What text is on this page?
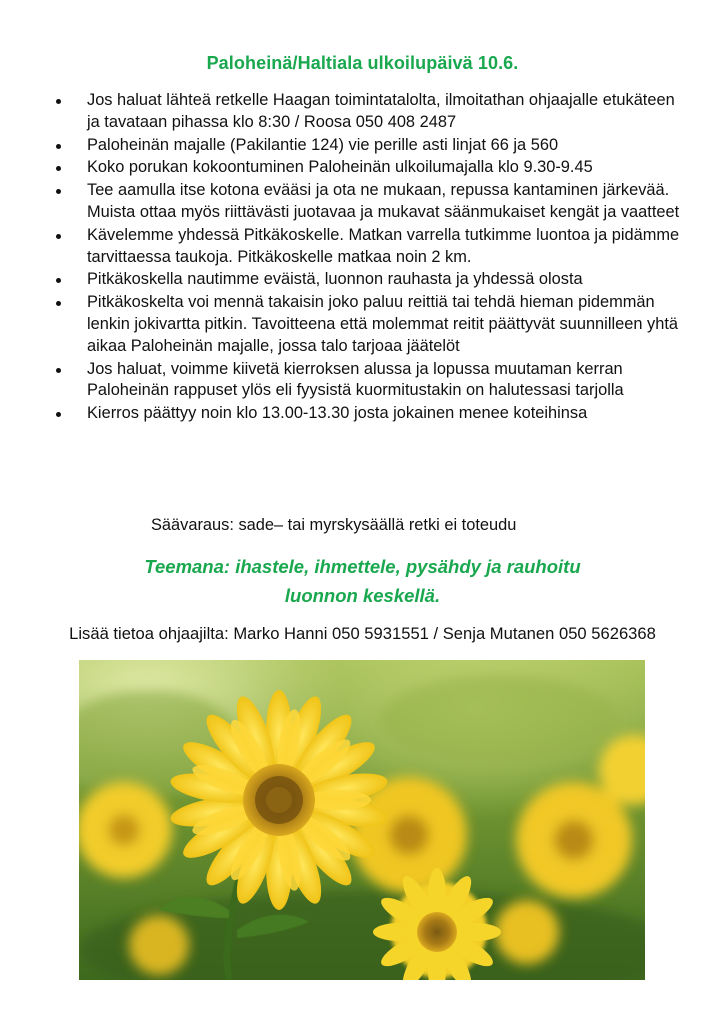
Paloheinä/Haltiala ulkoilupäivä 10.6.
Jos haluat lähteä retkelle Haagan toimintatalolta, ilmoitathan ohjaajalle etukäteen ja tavataan pihassa klo 8:30 / Roosa 050 408 2487
Paloheinän majalle (Pakilantie 124) vie perille asti linjat 66 ja 560
Koko porukan kokoontuminen Paloheinän ulkoilumajalla klo 9.30-9.45
Tee aamulla itse kotona evääsi ja ota ne mukaan, repussa kantaminen järkevää. Muista ottaa myös riittävästi juotavaa ja mukavat säänmukaiset kengät ja vaatteet
Kävelemme yhdessä Pitkäkoskelle. Matkan varrella tutkimme luontoa ja pidämme tarvittaessa taukoja. Pitkäkoskelle matkaa noin 2 km.
Pitkäkoskella nautimme eväistä, luonnon rauhasta ja yhdessä olosta
Pitkäkoskelta voi mennä takaisin joko paluu reittiä tai tehdä hieman pidemmän lenkin jokivartta pitkin. Tavoitteena että molemmat reitit päättyvät suunnilleen yhtä aikaa Paloheinän majalle, jossa talo tarjoaa jäätelöt
Jos haluat, voimme kiivetä kierroksen alussa ja lopussa muutaman kerran Paloheinän rappuset ylös eli fyysistä kuormitustakin on halutessasi tarjolla
Kierros päättyy noin klo 13.00-13.30 josta jokainen menee koteihinsa
Säävaraus: sade– tai myrskysäällä retki ei toteudu
Teemana: ihastele, ihmettele, pysähdy ja rauhoitu
luonnon keskellä.
Lisää tietoa ohjaajilta: Marko Hanni 050 5931551 / Senja Mutanen 050 5626368
